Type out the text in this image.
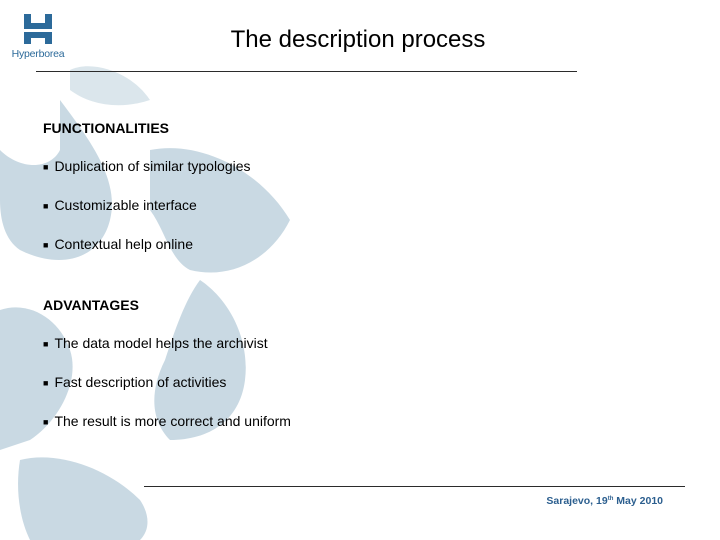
Hyperborea
The description process
FUNCTIONALITIES
■ Duplication of similar typologies
■ Customizable interface
■ Contextual help online
ADVANTAGES
■ The data model helps the archivist
■ Fast description of activities
■ The result is more correct and uniform
Sarajevo, 19th May 2010
